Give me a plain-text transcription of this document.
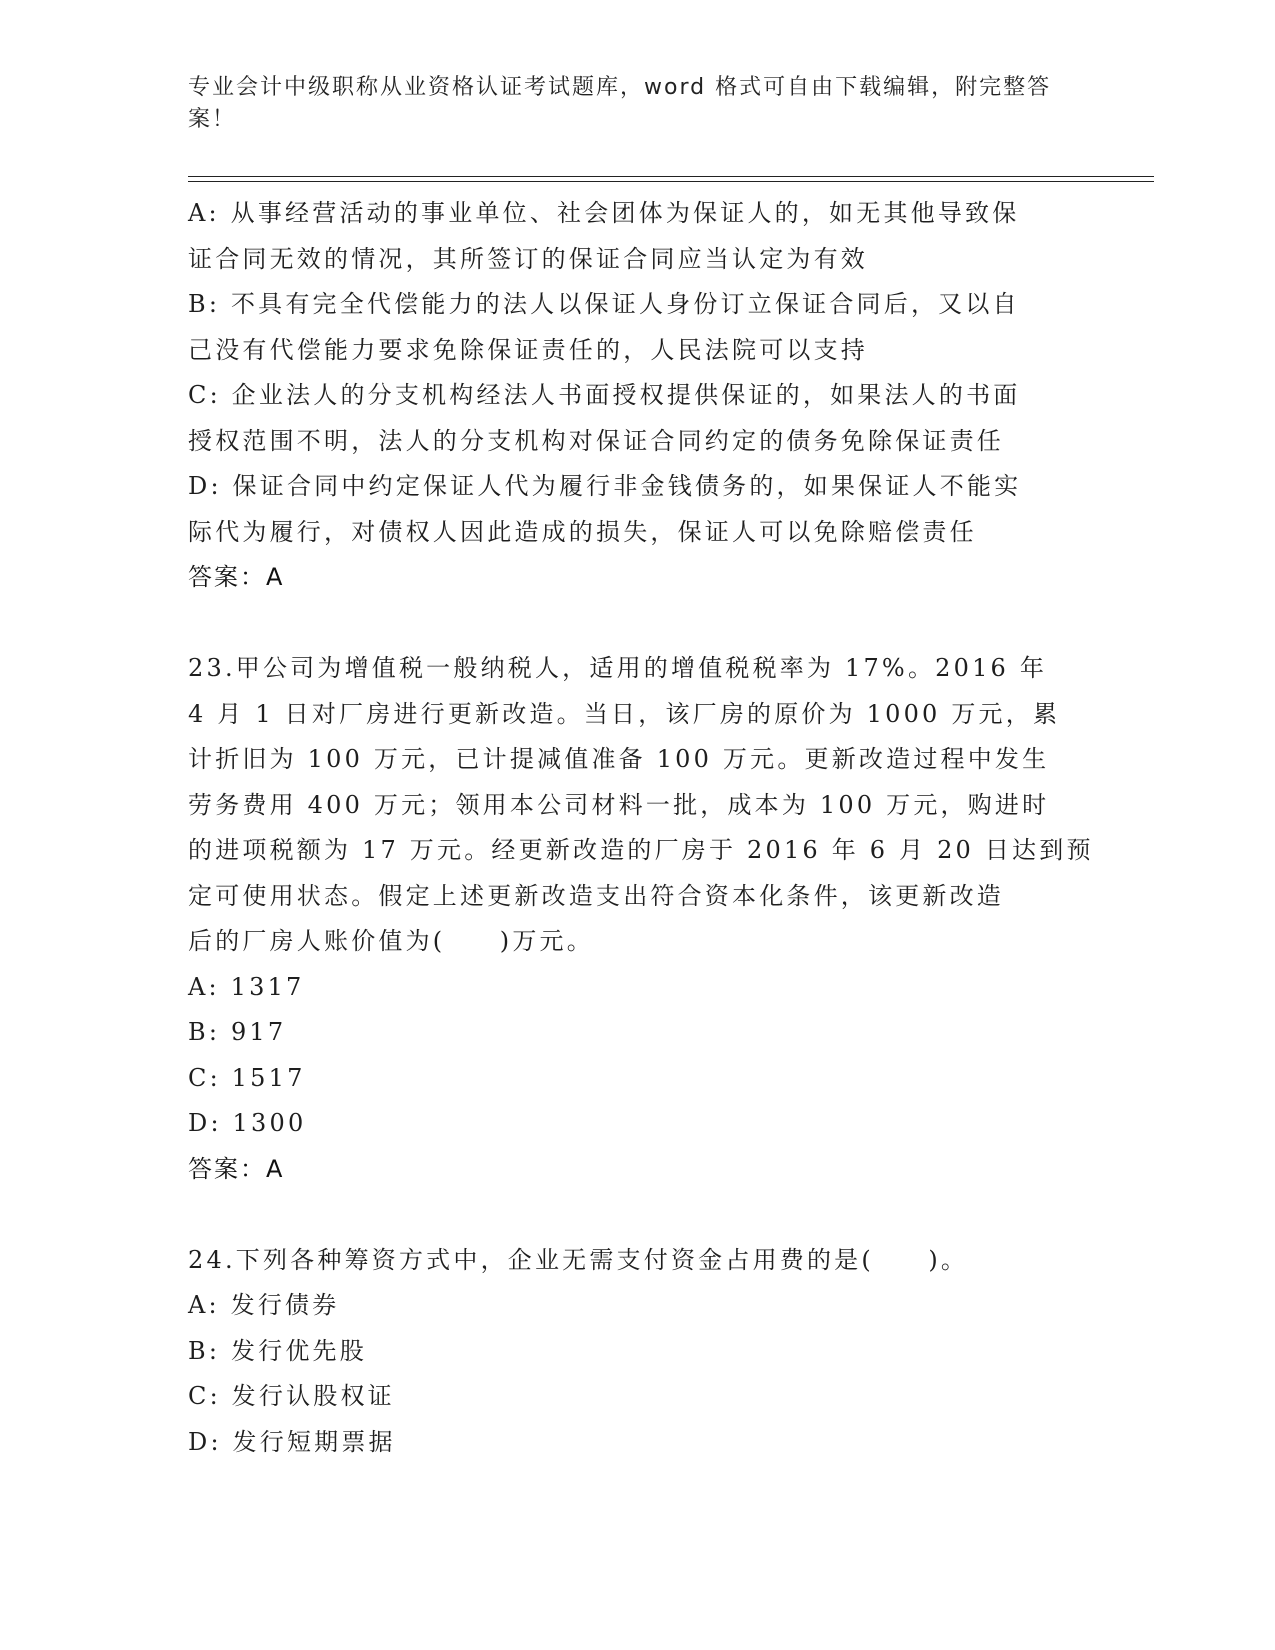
专业会计中级职称从业资格认证考试题库，word 格式可自由下载编辑，附完整答
案！
A: 从事经营活动的事业单位、社会团体为保证人的，如无其他导致保
证合同无效的情况，其所签订的保证合同应当认定为有效
B: 不具有完全代偿能力的法人以保证人身份订立保证合同后，又以自
己没有代偿能力要求免除保证责任的，人民法院可以支持
C: 企业法人的分支机构经法人书面授权提供保证的，如果法人的书面
授权范围不明，法人的分支机构对保证合同约定的债务免除保证责任
D: 保证合同中约定保证人代为履行非金钱债务的，如果保证人不能实
际代为履行，对债权人因此造成的损失，保证人可以免除赔偿责任
答案：A
23.甲公司为增值税一般纳税人，适用的增值税税率为 17%。2016 年
4 月 1 日对厂房进行更新改造。当日，该厂房的原价为 1000 万元，累
计折旧为 100 万元，已计提减值准备 100 万元。更新改造过程中发生
劳务费用 400 万元；领用本公司材料一批，成本为 100 万元，购进时
的进项税额为 17 万元。经更新改造的厂房于 2016 年 6 月 20 日达到预
定可使用状态。假定上述更新改造支出符合资本化条件，该更新改造
后的厂房人账价值为(　　)万元。
A: 1317
B: 917
C: 1517
D: 1300
答案：A
24.下列各种筹资方式中，企业无需支付资金占用费的是(　　)。
A: 发行债券
B: 发行优先股
C: 发行认股权证
D: 发行短期票据
